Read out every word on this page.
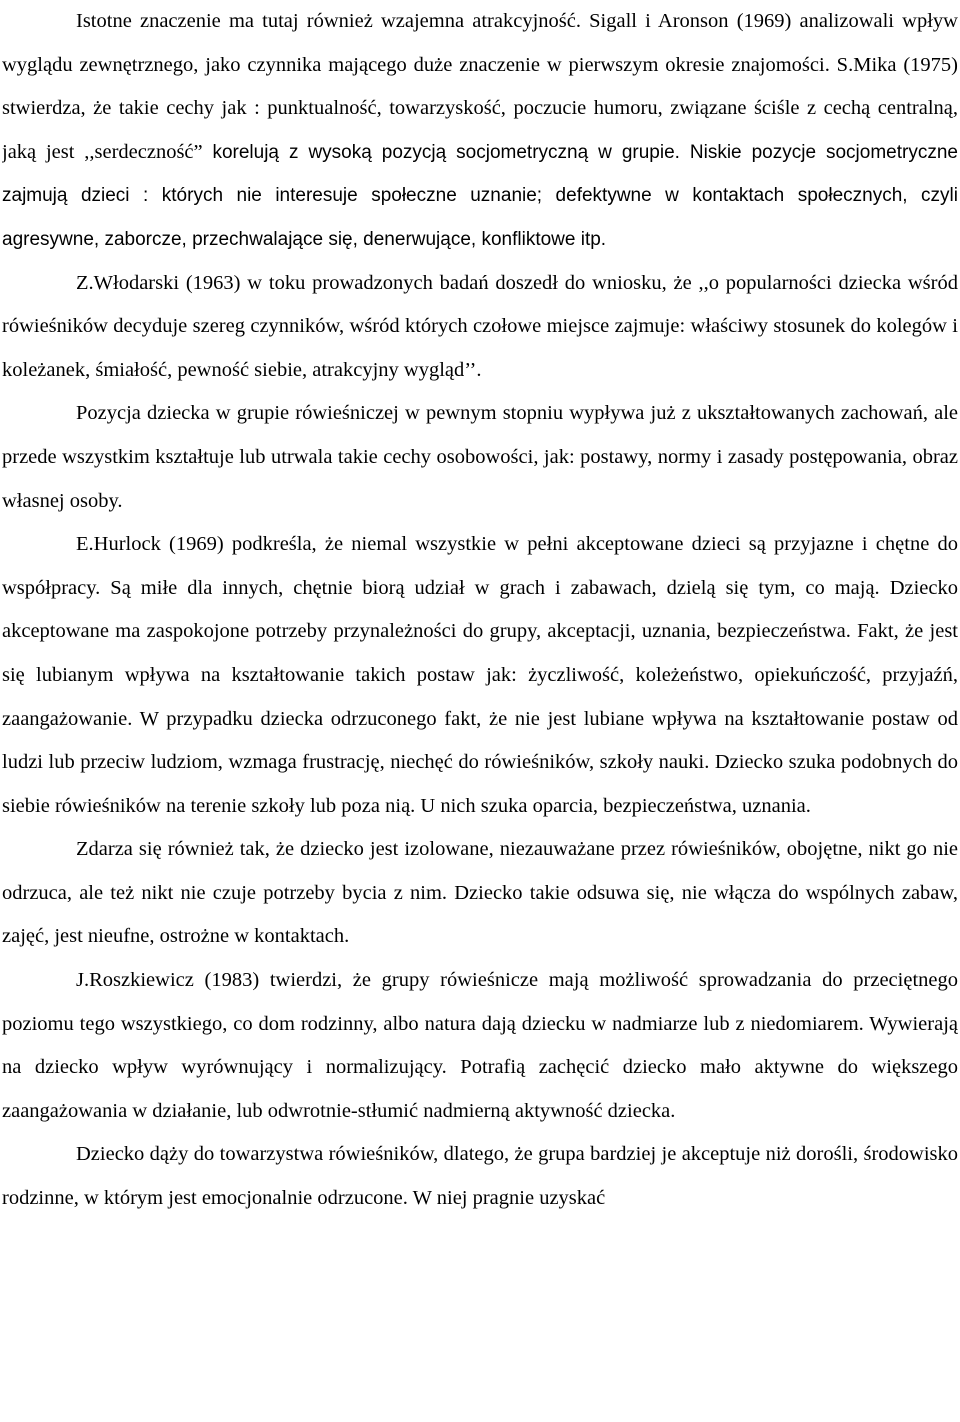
Istotne znaczenie ma tutaj również wzajemna atrakcyjność. Sigall i Aronson (1969) analizowali wpływ wyglądu zewnętrznego, jako czynnika mającego duże znaczenie w pierwszym okresie znajomości. S.Mika (1975) stwierdza, że takie cechy jak : punktualność, towarzyskość, poczucie humoru, związane ściśle z cechą centralną, jaką jest ,,serdeczność” korelują z wysoką pozycją socjometryczną w grupie. Niskie pozycje socjometryczne zajmują dzieci : których nie interesuje społeczne uznanie; defektywne w kontaktach społecznych, czyli agresywne, zaborcze, przechwalające się, denerwujące, konfliktowe itp.

Z.Włodarski (1963) w toku prowadzonych badań doszedł do wniosku, że ,,o popularności dziecka wśród rówieśników decyduje szereg czynników, wśród których czołowe miejsce zajmuje: właściwy stosunek do kolegów i koleżanek, śmiałość, pewność siebie, atrakcyjny wygląd’’.

Pozycja dziecka w grupie rówieśniczej w pewnym stopniu wypływa już z ukształtowanych zachowań, ale przede wszystkim kształtuje lub utrwala takie cechy osobowości, jak: postawy, normy i zasady postępowania, obraz własnej osoby.

E.Hurlock (1969) podkreśla, że niemal wszystkie w pełni akceptowane dzieci są przyjazne i chętne do współpracy. Są miłe dla innych, chętnie biorą udział w grach i zabawach, dzielą się tym, co mają. Dziecko akceptowane ma zaspokojone potrzeby przynależności do grupy, akceptacji, uznania, bezpieczeństwa. Fakt, że jest się lubianym wpływa na kształtowanie takich postaw jak: życzliwość, koleżeństwo, opiekuńczość, przyjaźń, zaangażowanie. W przypadku dziecka odrzuconego fakt, że nie jest lubiane wpływa na kształtowanie postaw od ludzi lub przeciw ludziom, wzmaga frustrację, niechęć do rówieśników, szkoły nauki. Dziecko szuka podobnych do siebie rówieśników na terenie szkoły lub poza nią. U nich szuka oparcia, bezpieczeństwa, uznania.

Zdarza się również tak, że dziecko jest izolowane, niezauważane przez rówieśników, obojętne, nikt go nie odrzuca, ale też nikt nie czuje potrzeby bycia z nim. Dziecko takie odsuwa się, nie włącza do wspólnych zabaw, zajęć, jest nieufne, ostrożne w kontaktach.

J.Roszkiewicz (1983) twierdzi, że grupy rówieśnicze mają możliwość sprowadzania do przeciętnego poziomu tego wszystkiego, co dom rodzinny, albo natura dają dziecku w nadmiarze lub z niedomiarem. Wywierają na dziecko wpływ wyrównujący i normalizujący. Potrafią zachęcić dziecko mało aktywne do większego zaangażowania w działanie, lub odwrotnie-stłumić nadmierną aktywność dziecka.

Dziecko dąży do towarzystwa rówieśników, dlatego, że grupa bardziej je akceptuje niż dorośli, środowisko rodzinne, w którym jest emocjonalnie odrzucone. W niej pragnie uzyskać
